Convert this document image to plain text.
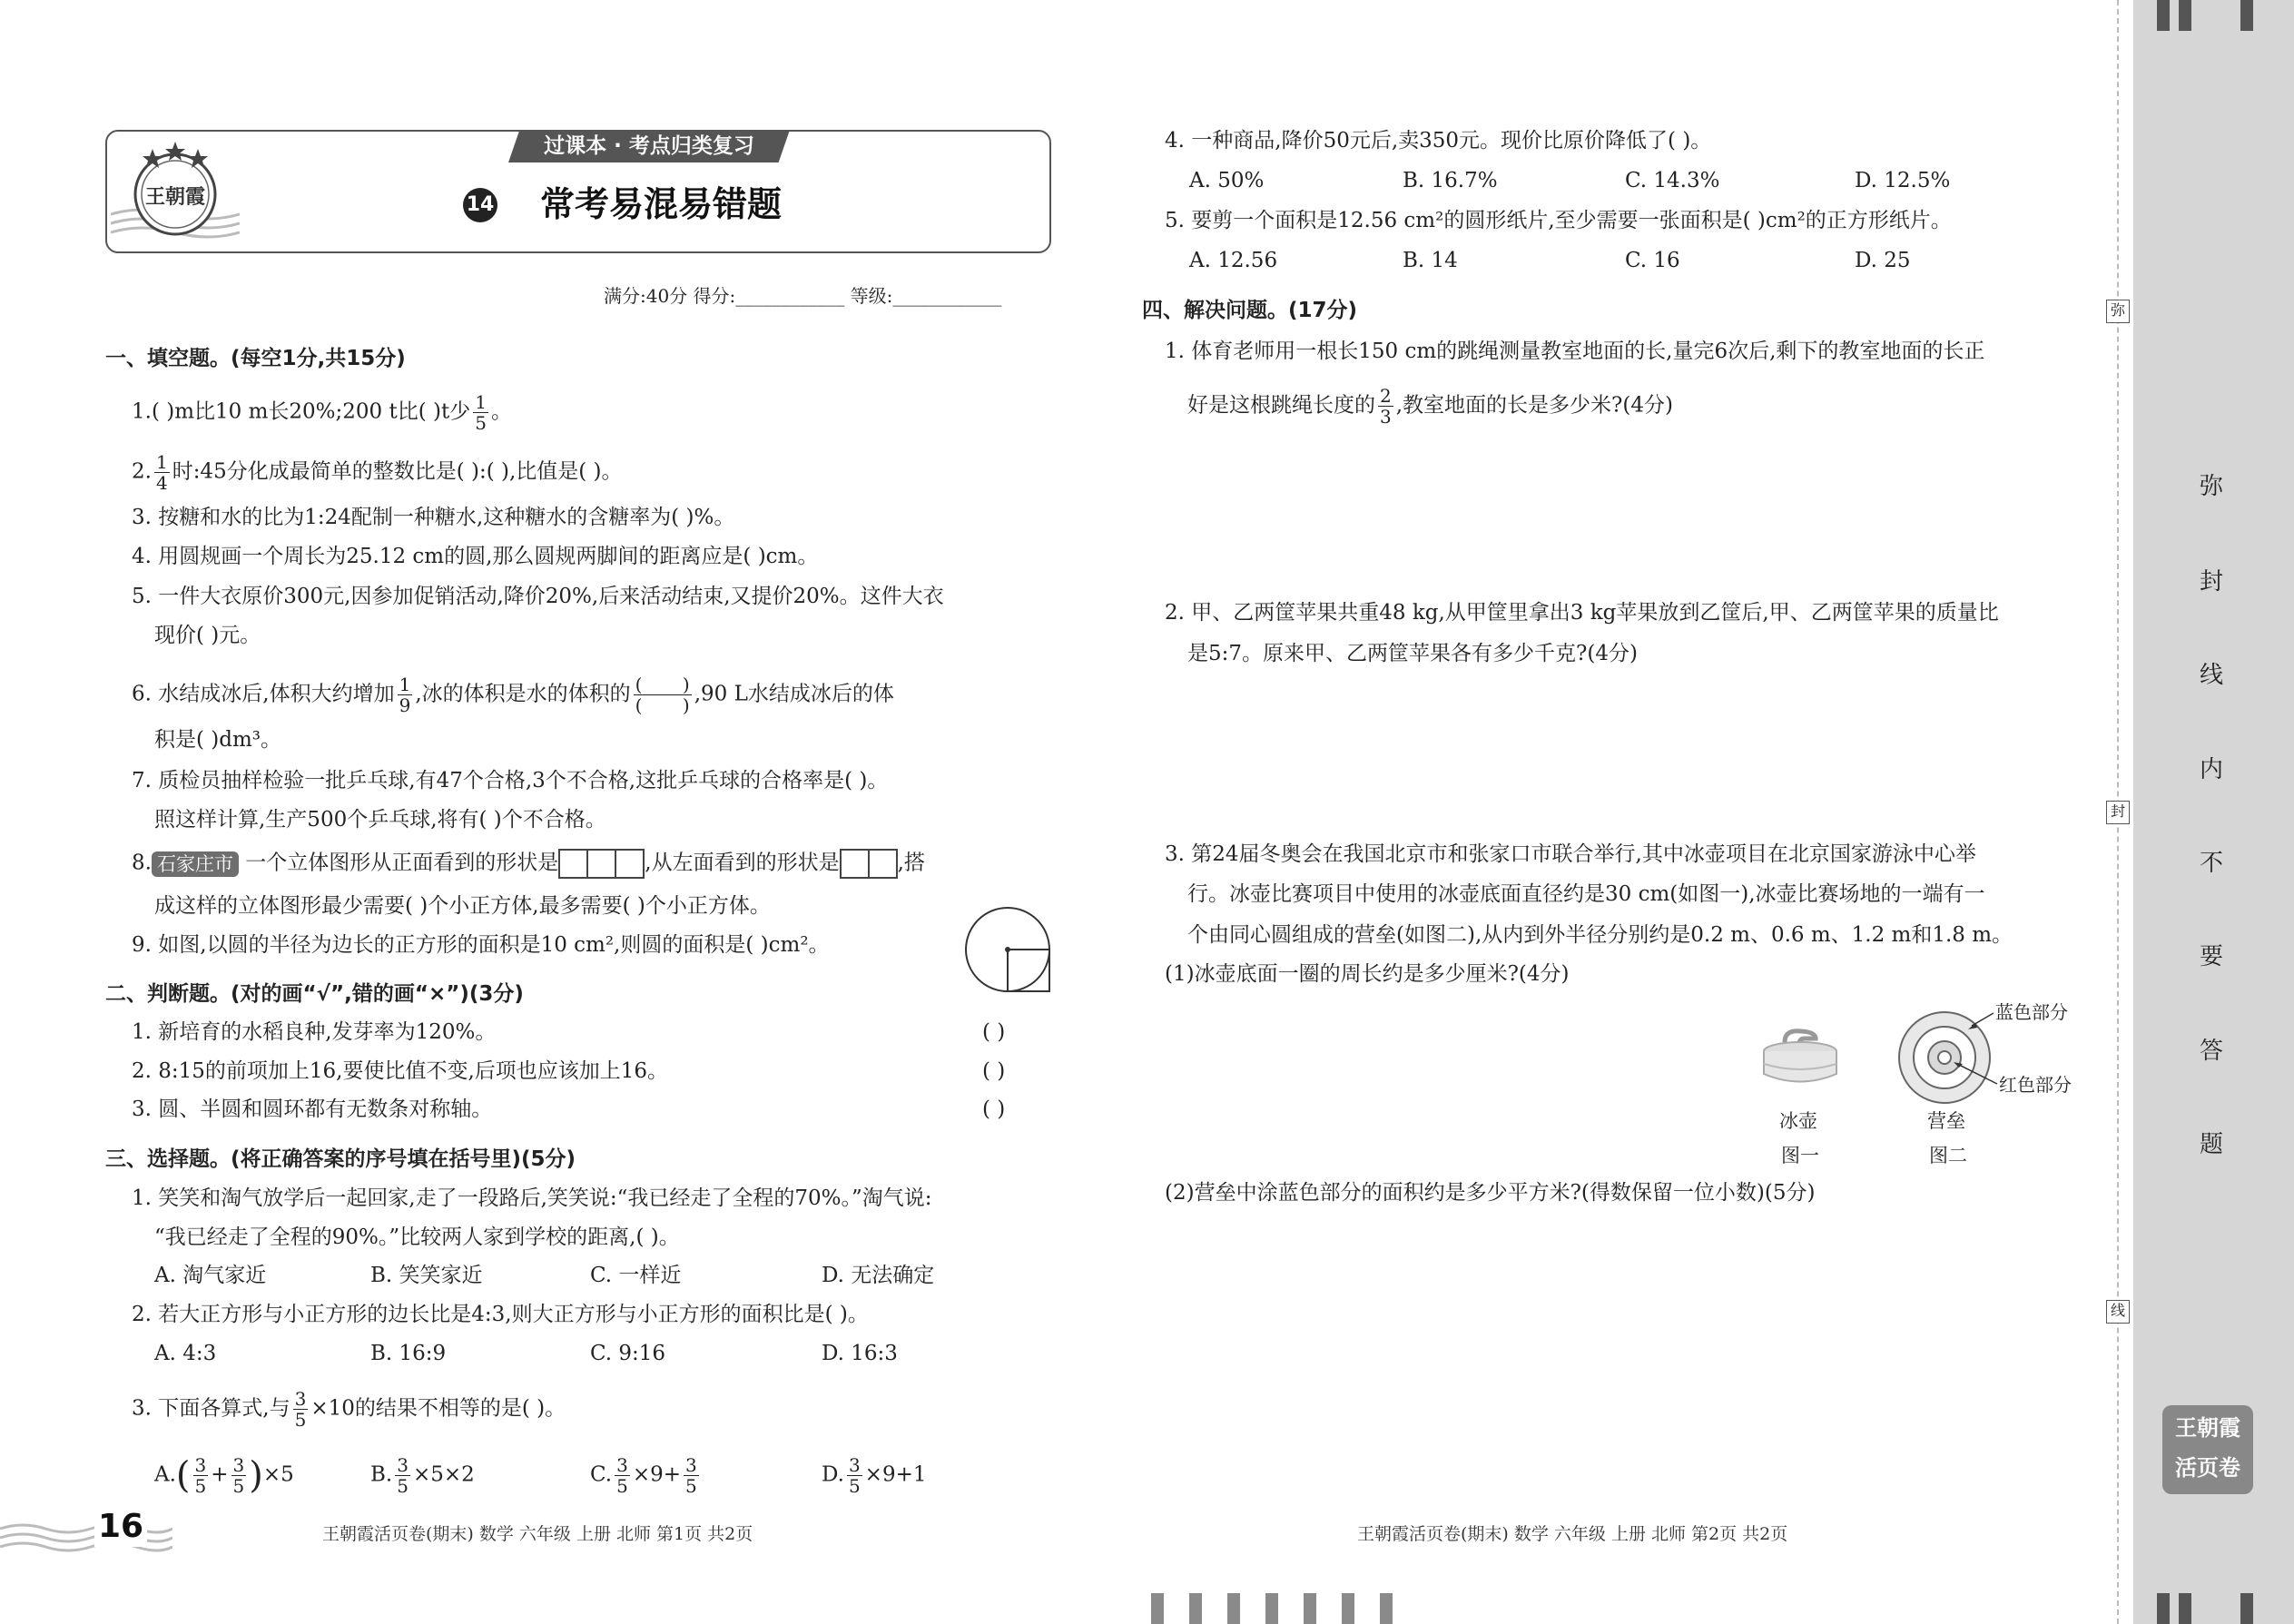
王朝霞
过课本 · 考点归类复习
14 常考易混易错题
满分:40分 得分:____________ 等级:____________
一、填空题。(每空1分,共15分)
1.( )m比10 m长20%;200 t比( )t少 $\frac{1}{5}$ 。
2. $\frac{1}{4}$ 时:45分化成最简单的整数比是( ):( ),比值是( )。
3. 按糖和水的比为1:24配制一种糖水,这种糖水的含糖率为( )%。
4. 用圆规画一个周长为25.12 cm的圆,那么圆规两脚间的距离应是( )cm。
5. 一件大衣原价300元,因参加促销活动,降价20%,后来活动结束,又提价20%。这件大衣
现价( )元。
6. 水结成冰后,体积大约增加 $\frac{1}{9}$ ,冰的体积是水的体积的 $\frac{( )}{( )} ,90$ L水结成冰后的体
积是( )dm³。
7. 质检员抽样检验一批乒乓球,有47个合格,3个不合格,这批乒乓球的合格率是( )。
照这样计算,生产500个乒乓球,将有( )个不合格。
8. 石家庄市 一个立体图形从正面看到的形状是	,从左面看到的形状是	,搭
成这样的立体图形最少需要( )个小正方体,最多需要( )个小正方体。
9. 如图,以圆的半径为边长的正方形的面积是10 cm²,则圆的面积是( )cm²。
二、判断题。(对的画“√”,错的画“×”)(3分)
1. 新培育的水稻良种,发芽率为120%。	( )
2. 8:15的前项加上16,要使比值不变,后项也应该加上16。	( )
3. 圆、半圆和圆环都有无数条对称轴。	( )
三、选择题。(将正确答案的序号填在括号里)(5分)
1. 笑笑和淘气放学后一起回家,走了一段路后,笑笑说:“我已经走了全程的70%。”淘气说:
“我已经走了全程的90%。”比较两人家到学校的距离,( )。
A. 淘气家近	B. 笑笑家近	C. 一样近	D. 无法确定
2. 若大正方形与小正方形的边长比是4:3,则大正方形与小正方形的面积比是( )。
A. 4:3	B. 16:9	C. 9:16	D. 16:3
3. 下面各算式,与 $\frac{3}{5} \times 10$的结果不相等的是( )。
$A.( \frac{3}{5} + \frac{3}{5} )\times 5$	B. $\frac{3}{5} \times 5\times 2$	C. $\frac{3}{5} \times 9+ \frac{3}{5}$	D. $\frac{3}{5} \times 9+1$
16	王朝霞活页卷(期末) 数学 六年级 上册 北师 第1页 共2页
4. 一种商品,降价50元后,卖350元。现价比原价降低了( )。
A. 50%	B. 16.7%	C. 14.3%	D. 12.5%
5. 要剪一个面积是12.56 cm²的圆形纸片,至少需要一张面积是( )cm²的正方形纸片。
A. 12.56	B. 14	C. 16	D. 25
四、解决问题。(17分)
1. 体育老师用一根长150 cm的跳绳测量教室地面的长,量完6次后,剩下的教室地面的长正
好是这根跳绳长度的 $\frac{2}{3}$ ,教室地面的长是多少米?(4分)
2. 甲、乙两筐苹果共重48 kg,从甲筐里拿出3 kg苹果放到乙筐后,甲、乙两筐苹果的质量比
是5:7。原来甲、乙两筐苹果各有多少千克?(4分)
3. 第24届冬奥会在我国北京市和张家口市联合举行,其中冰壶项目在北京国家游泳中心举
行。冰壶比赛项目中使用的冰壶底面直径约是30 cm(如图一),冰壶比赛场地的一端有一
个由同心圆组成的营垒(如图二),从内到外半径分别约是0.2 m、0.6 m、1.2 m和1.8 m。
(1)冰壶底面一圈的周长约是多少厘米?(4分)
冰壶
图一
蓝色部分
红色部分
营垒
图二
(2)营垒中涂蓝色部分的面积约是多少平方米?(得数保留一位小数)(5分)
王朝霞活页卷(期末) 数学 六年级 上册 北师 第2页 共2页
弥
封
线
弥
封
线
内
不
要
答
题
王朝霞
活页卷
